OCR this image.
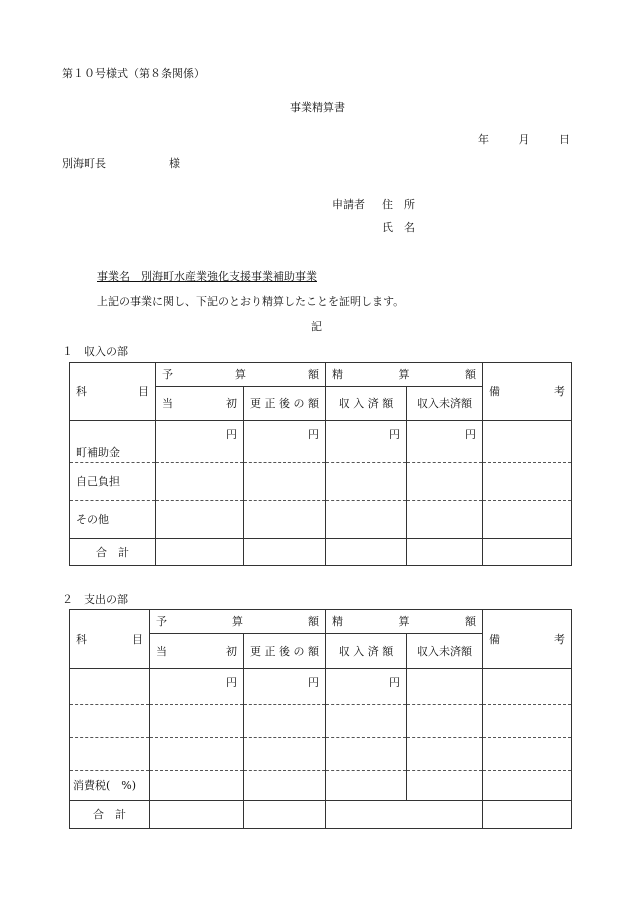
第１０号様式（第８条関係）
事業精算書
年	月	日
別海町長	様
申請者 住　所
氏　名
事業名　 別海町水産業強化支援事業補助事業
上記の事業に関し、下記のとおり精算したことを証明します。
記
１　収入の部
科 目	予 算 額		精 算 額		備 考

	当 初	更 正 後 の 額	収 入 済 額	収入未済額	
町補助金	円	円	円	円	
自己負担					
その他					
合　計					
２　支出の部
科 目	予 算 額		精 算 額		備 考

	当 初	更 正 後 の 額	収 入 済 額	収入未済額	
	円	円	円		

消費税(　%)					
合　計					
